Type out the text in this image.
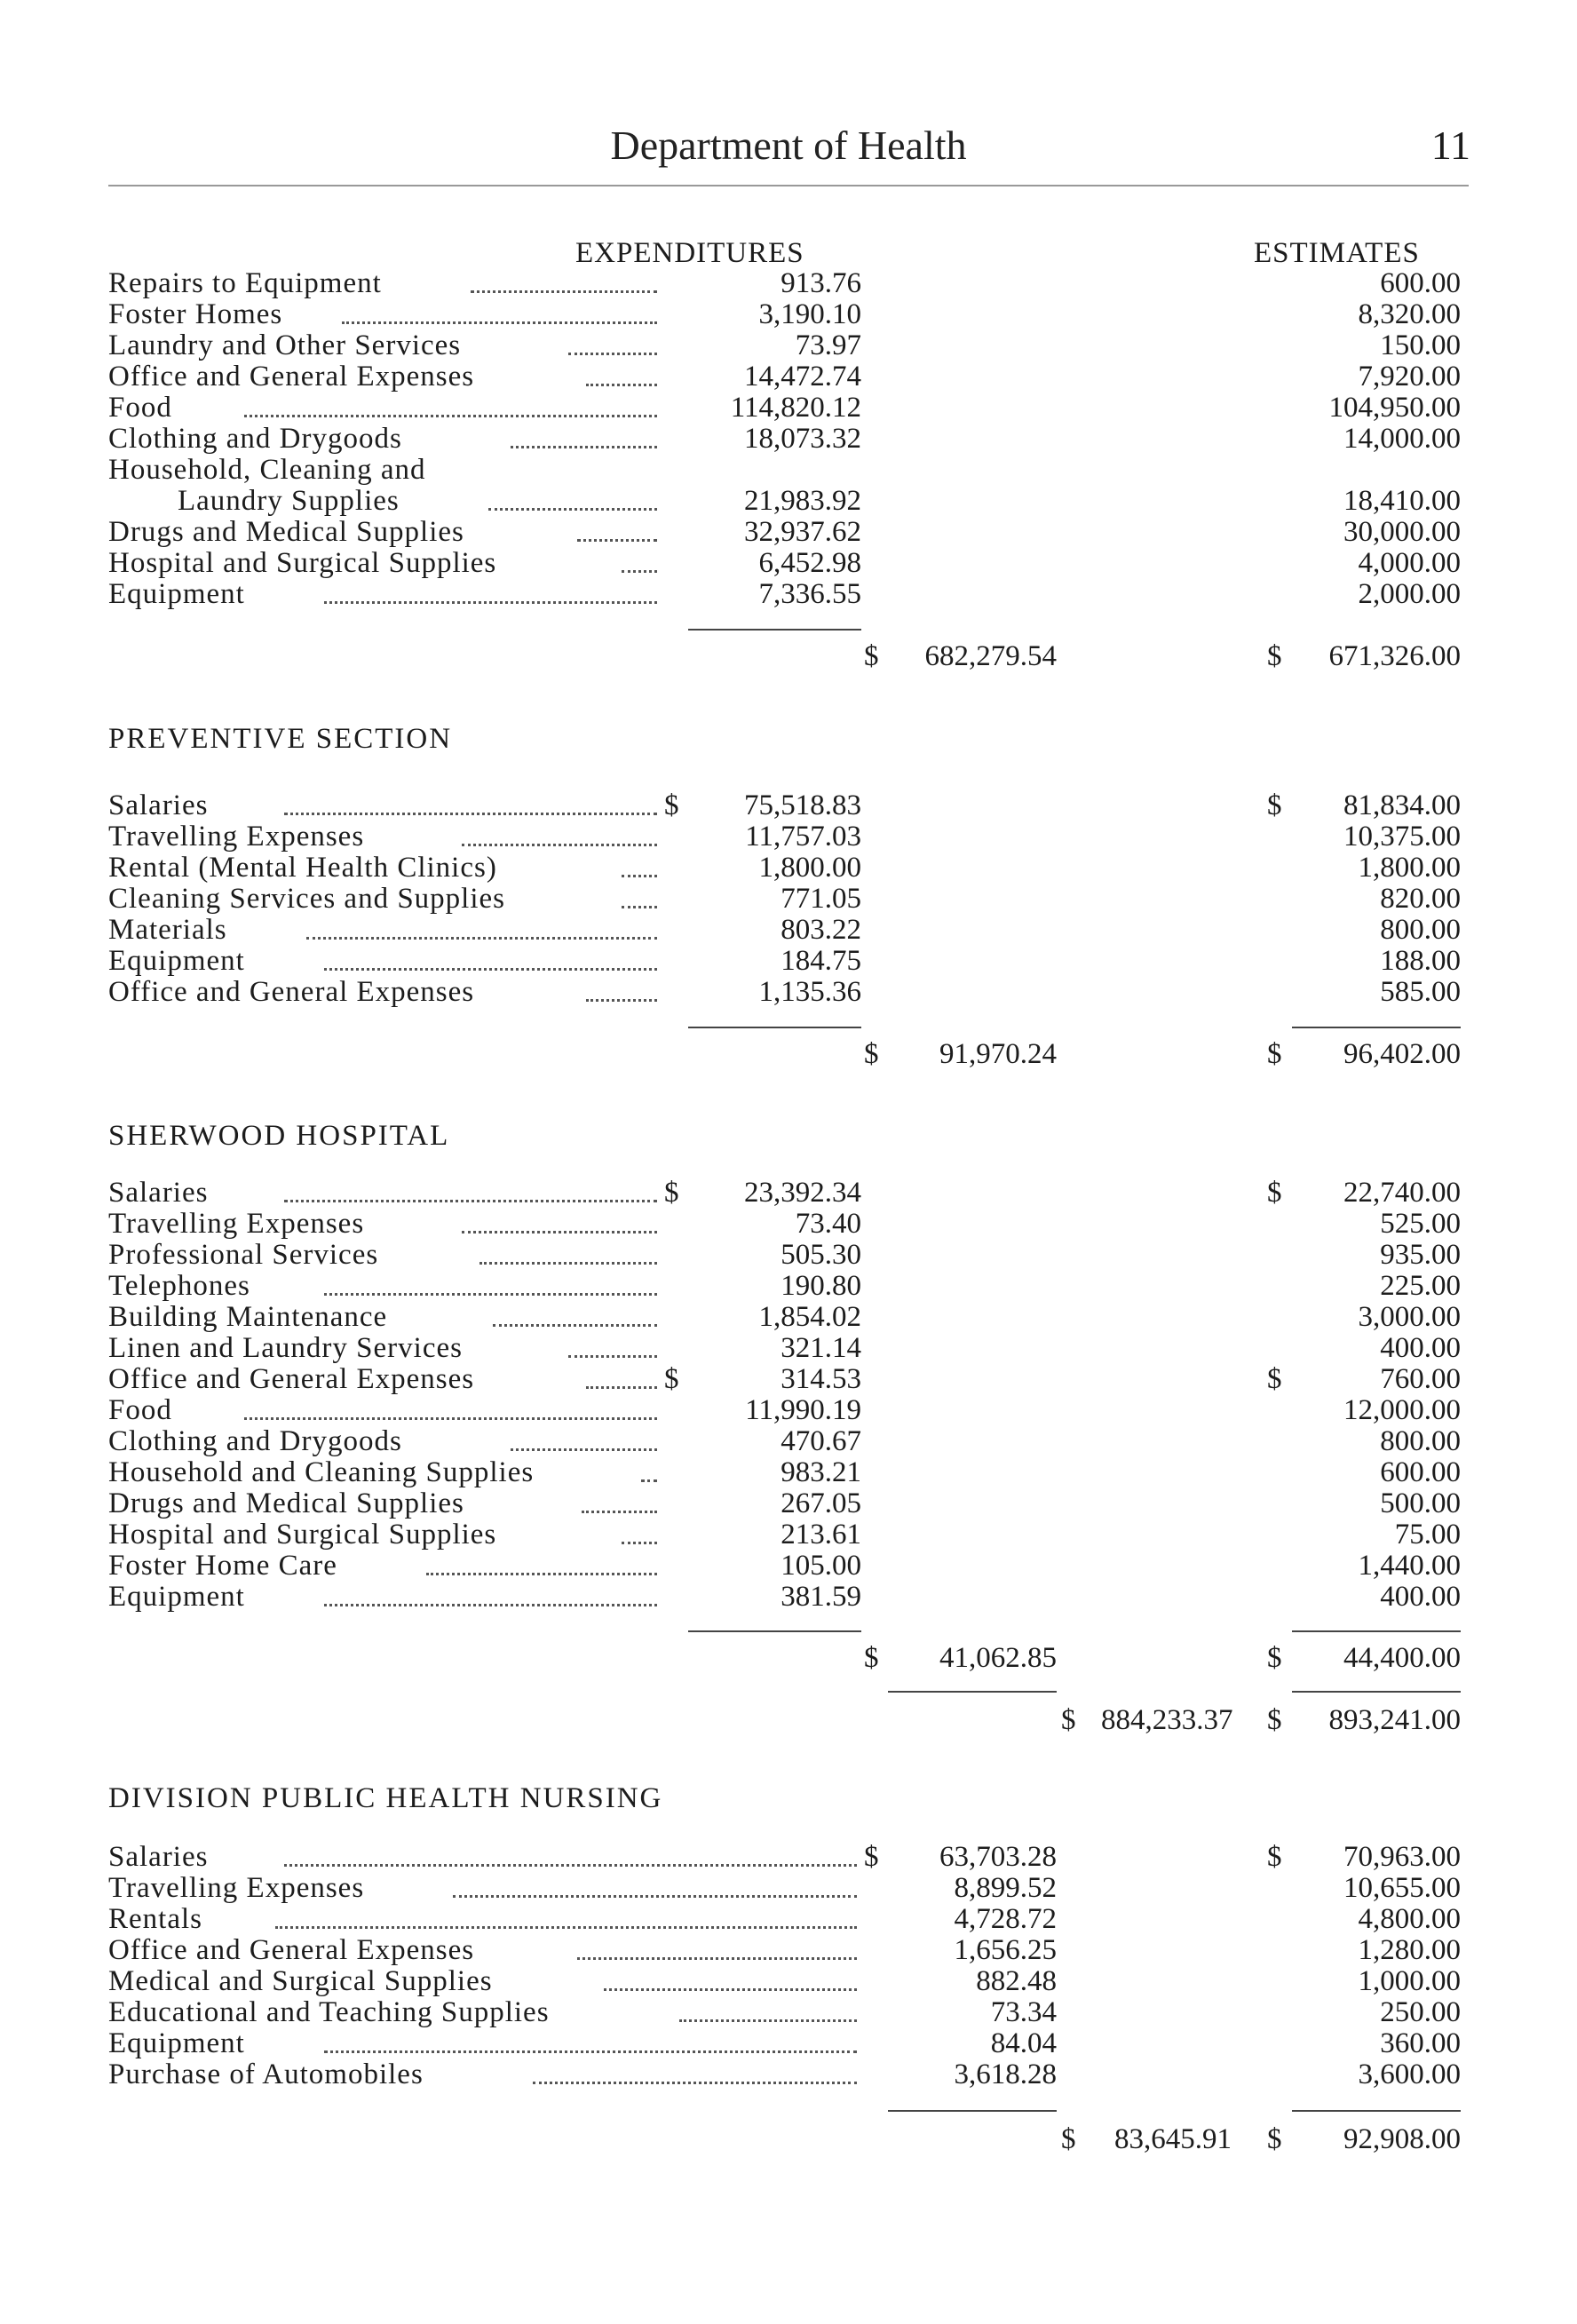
Department of Health	11
EXPENDITURES	ESTIMATES
Repairs to Equipment	913.76	600.00
Foster Homes	3,190.10	8,320.00
Laundry and Other Services	73.97	150.00
Office and General Expenses	14,472.74	7,920.00
Food	114,820.12	104,950.00
Clothing and Drygoods	18,073.32	14,000.00
Household, Cleaning and
Laundry Supplies	21,983.92	18,410.00
Drugs and Medical Supplies	32,937.62	30,000.00
Hospital and Surgical Supplies	6,452.98	4,000.00
Equipment	7,336.55	2,000.00
$	682,279.54	$	671,326.00
PREVENTIVE SECTION
Salaries	$	75,518.83	$	81,834.00
Travelling Expenses	11,757.03	10,375.00
Rental (Mental Health Clinics)	1,800.00	1,800.00
Cleaning Services and Supplies	771.05	820.00
Materials	803.22	800.00
Equipment	184.75	188.00
Office and General Expenses	1,135.36	585.00
$	91,970.24	$	96,402.00
SHERWOOD HOSPITAL
Salaries	$	23,392.34	$	22,740.00
Travelling Expenses	73.40	525.00
Professional Services	505.30	935.00
Telephones	190.80	225.00
Building Maintenance	1,854.02	3,000.00
Linen and Laundry Services	321.14	400.00
Office and General Expenses	$	314.53	$	760.00
Food	11,990.19	12,000.00
Clothing and Drygoods	470.67	800.00
Household and Cleaning Supplies	983.21	600.00
Drugs and Medical Supplies	267.05	500.00
Hospital and Surgical Supplies	213.61	75.00
Foster Home Care	105.00	1,440.00
Equipment	381.59	400.00
$	41,062.85	$	44,400.00
$ 884,233.37 $	893,241.00
DIVISION PUBLIC HEALTH NURSING
Salaries	$	63,703.28	$	70,963.00
Travelling Expenses	8,899.52	10,655.00
Rentals	4,728.72	4,800.00
Office and General Expenses	1,656.25	1,280.00
Medical and Surgical Supplies	882.48	1,000.00
Educational and Teaching Supplies	73.34	250.00
Equipment	84.04	360.00
Purchase of Automobiles	3,618.28	3,600.00
$ 83,645.91 $	92,908.00
